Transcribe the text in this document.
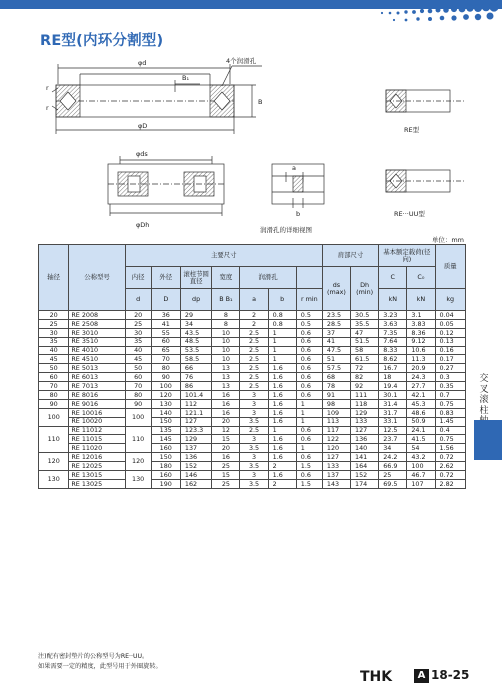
RE型(内环分割型)
φd
B₁
B
r
r
φD
4个润滑孔
φds
φDh
a
b
润滑孔的详细视图
RE型
RE···UU型
单位：mm
轴径	公称型号	主要尺寸							肩部尺寸		基本额定载荷(径向)		质量
		内径	外径	滚柱节圆直径	宽度	润滑孔			ds (max)	Dh (min)	C	C₀	
		d	D	dp	B B₁	a	b	r min			kN	kN	kg
20	RE 2008	20	36	29	8	2	0.8	0.5	23.5	30.5	3.23	3.1	0.04
25	RE 2508	25	41	34	8	2	0.8	0.5	28.5	35.5	3.63	3.83	0.05
30	RE 3010	30	55	43.5	10	2.5	1	0.6	37	47	7.35	8.36	0.12
35	RE 3510	35	60	48.5	10	2.5	1	0.6	41	51.5	7.64	9.12	0.13
40	RE 4010	40	65	53.5	10	2.5	1	0.6	47.5	58	8.33	10.6	0.16
45	RE 4510	45	70	58.5	10	2.5	1	0.6	51	61.5	8.62	11.3	0.17
50	RE 5013	50	80	66	13	2.5	1.6	0.6	57.5	72	16.7	20.9	0.27
60	RE 6013	60	90	76	13	2.5	1.6	0.6	68	82	18	24.3	0.3
70	RE 7013	70	100	86	13	2.5	1.6	0.6	78	92	19.4	27.7	0.35
80	RE 8016	80	120	101.4	16	3	1.6	0.6	91	111	30.1	42.1	0.7
90	RE 9016	90	130	112	16	3	1.6	1	98	118	31.4	45.3	0.75
100	RE 10016	100	140	121.1	16	3	1.6	1	109	129	31.7	48.6	0.83
	RE 10020		150	127	20	3.5	1.6	1	113	133	33.1	50.9	1.45
110	RE 11012	110	135	123.3	12	2.5	1	0.6	117	127	12.5	24.1	0.4
	RE 11015		145	129	15	3	1.6	0.6	122	136	23.7	41.5	0.75
	RE 11020		160	137	20	3.5	1.6	1	120	140	34	54	1.56
120	RE 12016	120	150	136	16	3	1.6	0.6	127	141	24.2	43.2	0.72
	RE 12025		180	152	25	3.5	2	1.5	133	164	66.9	100	2.62
130	RE 13015	130	160	146	15	3	1.6	0.6	137	152	25	46.7	0.72
	RE 13025		190	162	25	3.5	2	1.5	143	174	69.5	107	2.82
注)配有密封垫片的公称型号为RE··UU。
如果需要一定的精度，此型号用于外圈旋转。
交
叉
滚
柱

THK	A 18-25
